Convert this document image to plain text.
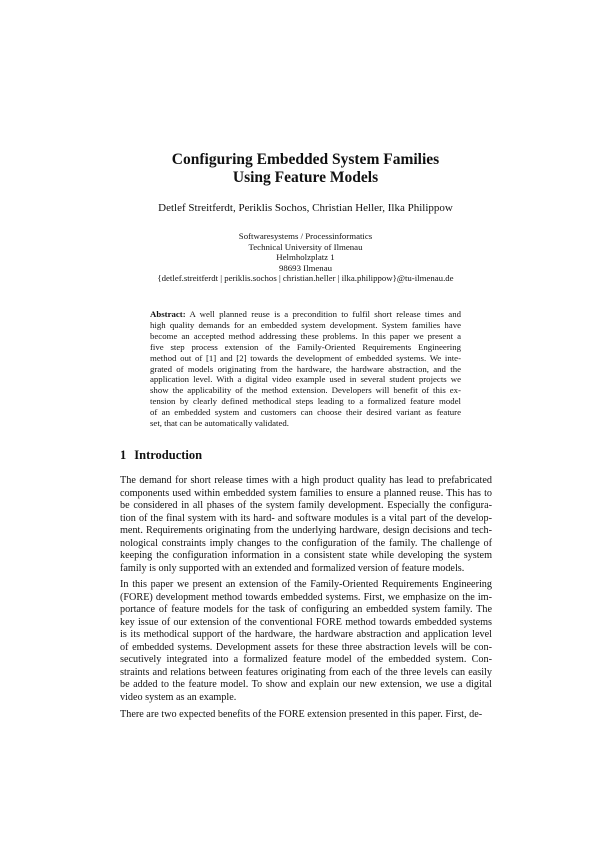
Configuring Embedded System Families
Using Feature Models
Detlef Streitferdt, Periklis Sochos, Christian Heller, Ilka Philippow
Softwaresystems / Processinformatics
Technical University of Ilmenau
Helmholzplatz 1
98693 Ilmenau
{detlef.streitferdt | periklis.sochos | christian.heller | ilka.philippow}@tu-ilmenau.de
Abstract: A well planned reuse is a precondition to fulfil short release times and
high quality demands for an embedded system development. System families have
become an accepted method addressing these problems. In this paper we present a
five step process extension of the Family-Oriented Requirements Engineering
method out of [1] and [2] towards the development of embedded systems. We inte-
grated of models originating from the hardware, the hardware abstraction, and the
application level. With a digital video example used in several student projects we
show the applicability of the method extension. Developers will benefit of this ex-
tension by clearly defined methodical steps leading to a formalized feature model
of an embedded system and customers can choose their desired variant as feature
set, that can be automatically validated.
1 Introduction
The demand for short release times with a high product quality has lead to prefabricated
components used within embedded system families to ensure a planned reuse. This has to
be considered in all phases of the system family development. Especially the configura-
tion of the final system with its hard- and software modules is a vital part of the develop-
ment. Requirements originating from the underlying hardware, design decisions and tech-
nological constraints imply changes to the configuration of the family. The challenge of
keeping the configuration information in a consistent state while developing the system
family is only supported with an extended and formalized version of feature models.
In this paper we present an extension of the Family-Oriented Requirements Engineering
(FORE) development method towards embedded systems. First, we emphasize on the im-
portance of feature models for the task of configuring an embedded system family. The
key issue of our extension of the conventional FORE method towards embedded systems
is its methodical support of the hardware, the hardware abstraction and application level
of embedded systems. Development assets for these three abstraction levels will be con-
secutively integrated into a formalized feature model of the embedded system. Con-
straints and relations between features originating from each of the three levels can easily
be added to the feature model. To show and explain our new extension, we use a digital
video system as an example.
There are two expected benefits of the FORE extension presented in this paper. First, de-
